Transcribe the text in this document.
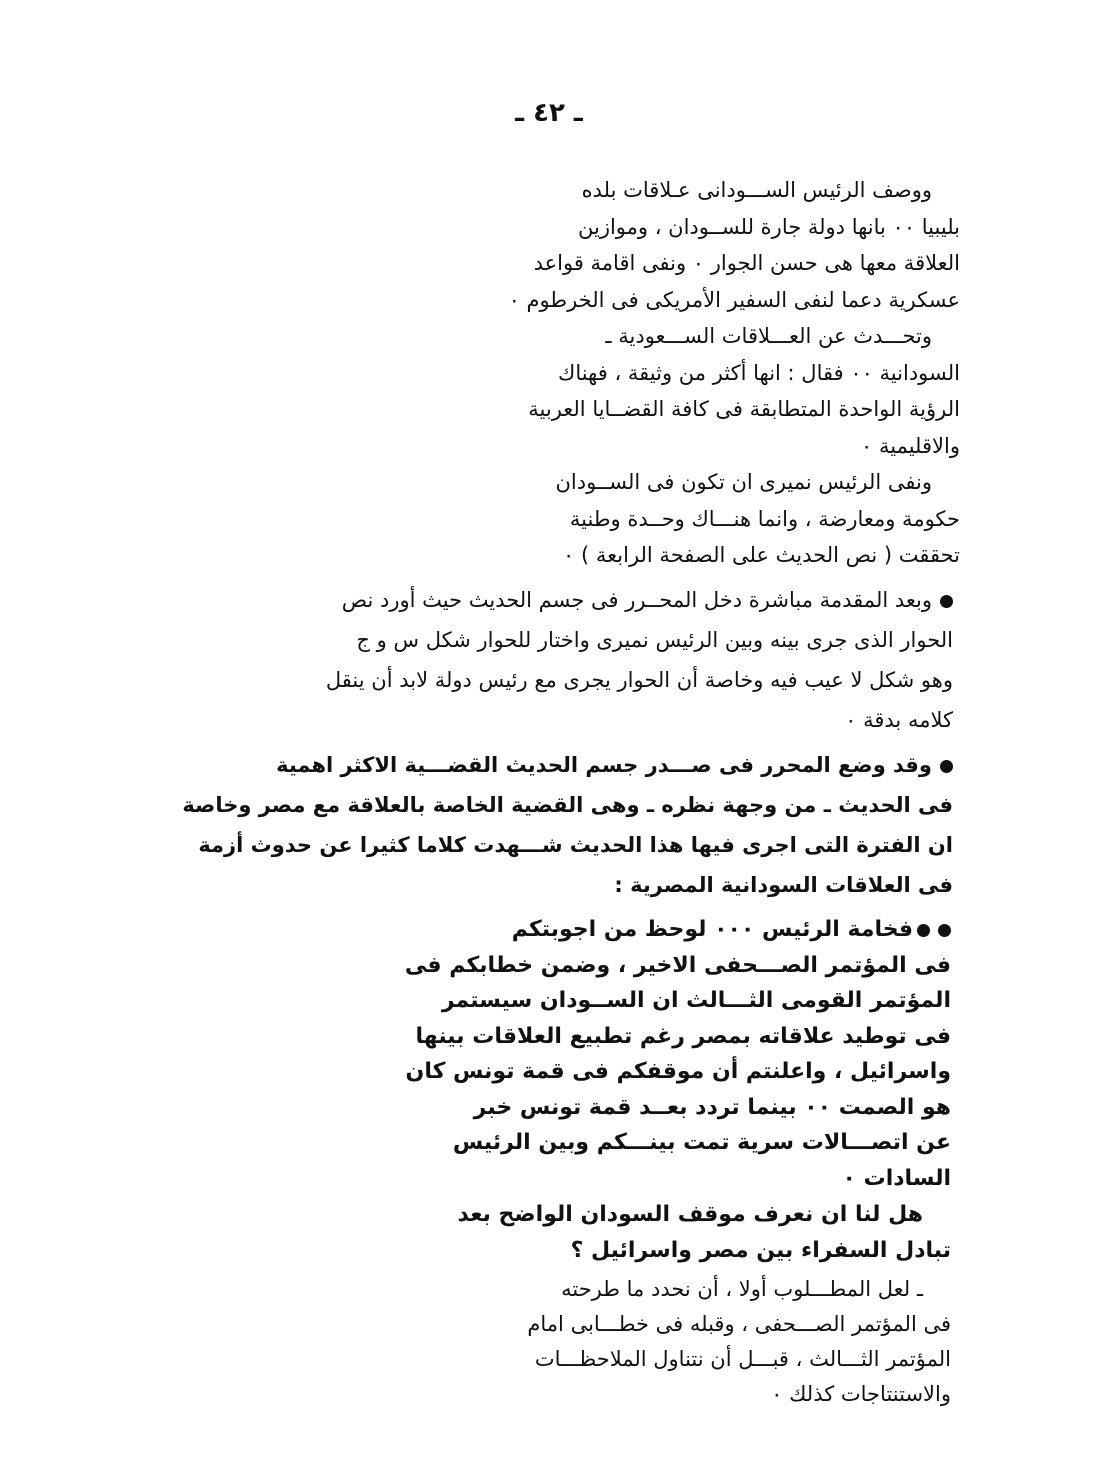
ـ ٤٢ ـ
ووصف الرئيس الســـودانى عـلاقات بلده
بليبيا ٠٠ بانها دولة جارة للســودان ، وموازين
العلاقة معها هى حسن الجوار ٠ ونفى اقامة قواعد
عسكرية دعما لنفى السفير الأمريكى فى الخرطوم ٠
وتحـــدث عن العـــلاقات الســـعودية ـ
السودانية ٠٠ فقال : انها أكثر من وثيقة ، فهناك
الرؤية الواحدة المتطابقة فى كافة القضــايا العربية
والاقليمية ٠
ونفى الرئيس نميرى ان تكون فى الســودان
حكومة ومعارضة ، وانما هنـــاك وحــدة وطنية
تحققت ( نص الحديث على الصفحة الرابعة ) ٠
وبعد المقدمة مباشرة دخل المحــرر فى جسم الحديث حيث أورد نص
الحوار الذى جرى بينه وبين الرئيس نميرى واختار للحوار شكل س و ج
وهو شكل لا عيب فيه وخاصة أن الحوار يجرى مع رئيس دولة لابد أن ينقل
كلامه بدقة ٠
وقد وضع المحرر فى صـــدر جسم الحديث القضـــية الاكثر اهمية
فى الحديث ـ من وجهة نظره ـ وهى القضية الخاصة بالعلاقة مع مصر وخاصة
ان الفترة التى اجرى فيها هذا الحديث شـــهدت كلاما كثيرا عن حدوث أزمة
فى العلاقات السودانية المصرية :
فخامة الرئيس ٠٠٠ لوحظ من اجوبتكم
فى المؤتمر الصـــحفى الاخير ، وضمن خطابكم فى
المؤتمر القومى الثـــالث ان الســودان سيستمر
فى توطيد علاقاته بمصر رغم تطبيع العلاقات بينها
واسرائيل ، واعلنتم أن موقفكم فى قمة تونس كان
هو الصمت ٠٠ بينما تردد بعــد قمة تونس خبر
عن اتصـــالات سرية تمت بينـــكم وبين الرئيس
السادات ٠
هل لنا ان نعرف موقف السودان الواضح بعد
تبادل السفراء بين مصر واسرائيل ؟
ـ لعل المطـــلوب أولا ، أن نحدد ما طرحته
فى المؤتمر الصـــحفى ، وقبله فى خطـــابى امام
المؤتمر الثـــالث ، قبـــل أن نتناول الملاحظـــات
والاستنتاجات كذلك ٠
